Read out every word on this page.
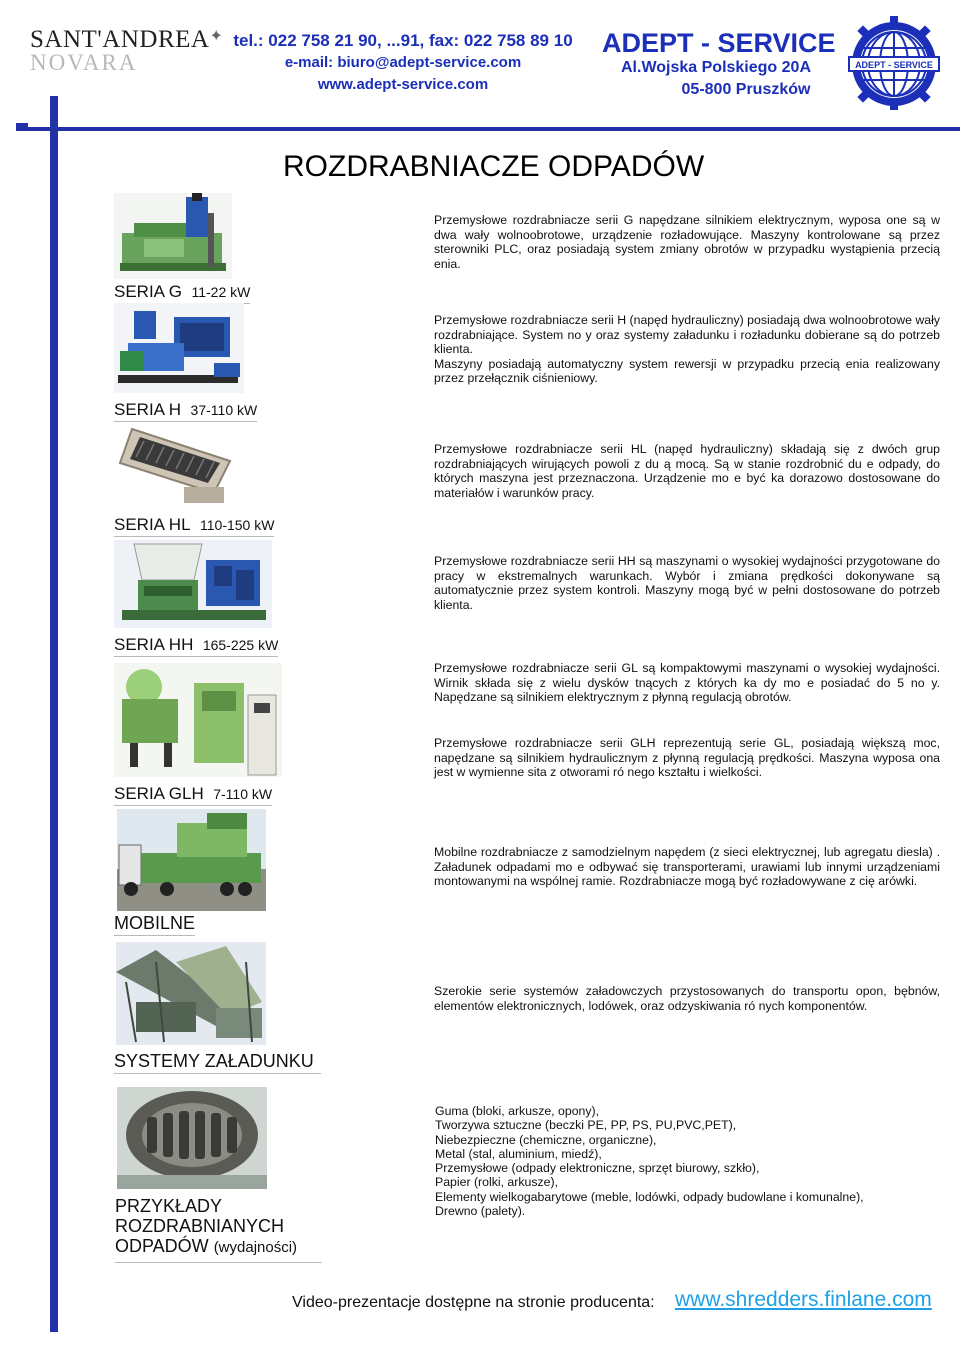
SANT'ANDREA✦
NOVARA
tel.: 022 758 21 90, ...91, fax: 022 758 89 10
e-mail: biuro@adept-service.com
www.adept-service.com
ADEPT - SERVICE
Al.Wojska Polskiego 20A
05-800 Pruszków
ADEPT - SERVICE
ROZDRABNIACZE ODPADÓW
SERIA G 11-22 kW
Przemysłowe rozdrabniacze serii G napędzane silnikiem elektrycznym, wyposa one są w dwa wały wolnoobrotowe, urządzenie rozładowujące. Maszyny kontrolowane są przez sterowniki PLC, oraz posiadają system zmiany obrotów w przypadku wystąpienia przecią enia.
SERIA H 37-110 kW
Przemysłowe rozdrabniacze serii H (napęd hydrauliczny) posiadają dwa wolnoobrotowe wały rozdrabniające. System no y oraz systemy załadunku i rozładunku dobierane są do potrzeb klienta.
Maszyny posiadają automatyczny system rewersji w przypadku przecią enia realizowany przez przełącznik ciśnieniowy.
SERIA HL 110-150 kW
Przemysłowe rozdrabniacze serii HL (napęd hydrauliczny) składają się z dwóch grup rozdrabniających wirujących powoli z du ą mocą. Są w stanie rozdrobnić du e odpady, do których maszyna jest przeznaczona. Urządzenie mo e być ka dorazowo dostosowane do materiałów i warunków pracy.
SERIA HH 165-225 kW
Przemysłowe rozdrabniacze serii HH są maszynami o wysokiej wydajności przygotowane do pracy w ekstremalnych warunkach. Wybór i zmiana prędkości dokonywane są automatycznie przez system kontroli. Maszyny mogą być w pełni dostosowane do potrzeb klienta.
Przemysłowe rozdrabniacze serii GL są kompaktowymi maszynami o wysokiej wydajności. Wirnik składa się z wielu dysków tnących z których ka dy mo e posiadać do 5 no y. Napędzane są silnikiem elektrycznym z płynną regulacją obrotów.
SERIA GLH 7-110 kW
Przemysłowe rozdrabniacze serii GLH reprezentują serie GL, posiadają większą moc, napędzane są silnikiem hydraulicznym z płynną regulacją prędkości. Maszyna wyposa ona jest w wymienne sita z otworami ró nego kształtu i wielkości.
MOBILNE
Mobilne rozdrabniacze z samodzielnym napędem (z sieci elektrycznej, lub agregatu diesla) . Załadunek odpadami mo e odbywać się transporterami, urawiami lub innymi urządzeniami montowanymi na wspólnej ramie. Rozdrabniacze mogą być rozładowywane z cię arówki.
SYSTEMY ZAŁADUNKU
Szerokie serie systemów załadowczych przystosowanych do transportu opon, bębnów, elementów elektronicznych, lodówek, oraz odzyskiwania ró nych komponentów.
PRZYKŁADY
ROZDRABNIANYCH
ODPADÓW (wydajności)
Guma (bloki, arkusze, opony),
Tworzywa sztuczne (beczki PE, PP, PS, PU,PVC,PET),
Niebezpieczne (chemiczne, organiczne),
Metal (stal, aluminium, miedź),
Przemysłowe (odpady elektroniczne, sprzęt biurowy, szkło),
Papier (rolki, arkusze),
Elementy wielkogabarytowe (meble, lodówki, odpady budowlane i komunalne),
Drewno (palety).
Video-prezentacje dostępne na stronie producenta: www.shredders.finlane.com
